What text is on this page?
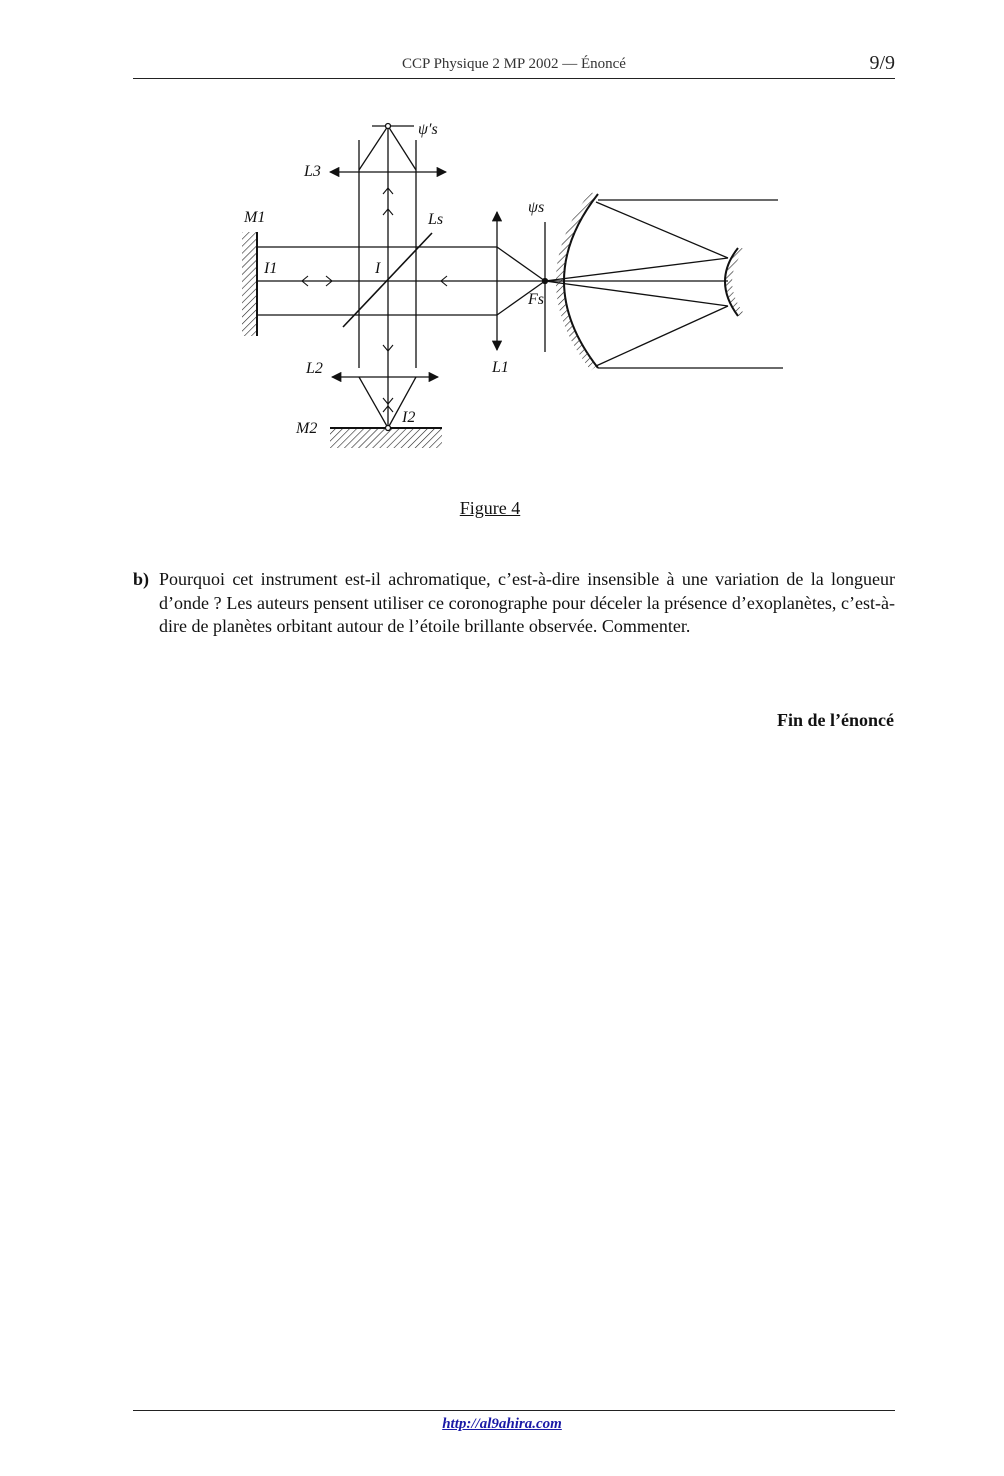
CCP Physique 2 MP 2002 — Énoncé	9/9
ψ′s
ψs
L3
M1	Ls
I1	I
Fs
L2	L1
I2
M2
Figure 4
b) Pourquoi cet instrument est-il achromatique, c’est-à-dire insensible à une variation de la longueur d’onde ? Les auteurs pensent utiliser ce coronographe pour déceler la présence d’exoplanètes, c’est-à-dire de planètes orbitant autour de l’étoile brillante observée. Commenter.
Fin de l’énoncé
http://al9ahira.com
